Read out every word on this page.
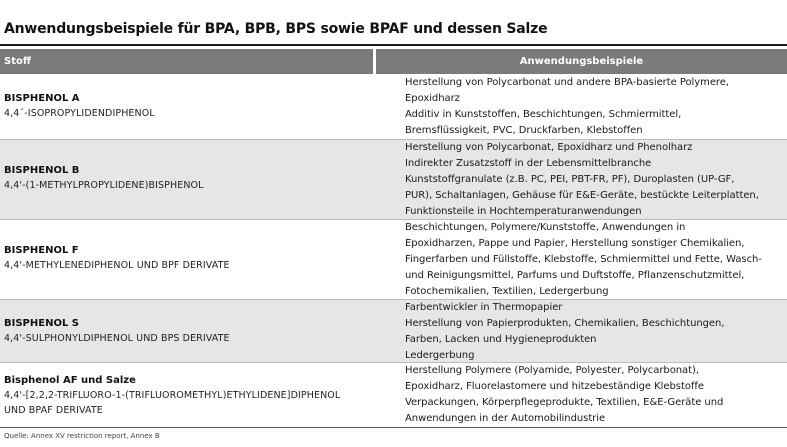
Anwendungsbeispiele für BPA, BPB, BPS sowie BPAF und dessen Salze
Stoff	Anwendungsbeispiele
BISPHENOL A
4,4´-ISOPROPYLIDENDIPHENOL
Herstellung von Polycarbonat und andere BPA-basierte Polymere,
Epoxidharz
Additiv in Kunststoffen, Beschichtungen, Schmiermittel,
Bremsflüssigkeit, PVC, Druckfarben, Klebstoffen
BISPHENOL B
4,4'-(1-METHYLPROPYLIDENE)BISPHENOL
Herstellung von Polycarbonat, Epoxidharz und Phenolharz
Indirekter Zusatzstoff in der Lebensmittelbranche
Kunststoffgranulate (z.B. PC, PEI, PBT-FR, PF), Duroplasten (UP-GF,
PUR), Schaltanlagen, Gehäuse für E&E-Geräte, bestückte Leiterplatten,
Funktionsteile in Hochtemperaturanwendungen
BISPHENOL F
4,4'-METHYLENEDIPHENOL UND BPF DERIVATE
Beschichtungen, Polymere/Kunststoffe, Anwendungen in
Epoxidharzen, Pappe und Papier, Herstellung sonstiger Chemikalien,
Fingerfarben und Füllstoffe, Klebstoffe, Schmiermittel und Fette, Wasch-
und Reinigungsmittel, Parfums und Duftstoffe, Pflanzenschutzmittel,
Fotochemikalien, Textilien, Ledergerbung
BISPHENOL S
4,4'-SULPHONYLDIPHENOL UND BPS DERIVATE
Farbentwickler in Thermopapier
Herstellung von Papierprodukten, Chemikalien, Beschichtungen,
Farben, Lacken und Hygieneprodukten
Ledergerbung
Bisphenol AF und Salze
4,4'-[2,2,2-TRIFLUORO-1-(TRIFLUOROMETHYL)ETHYLIDENE]DIPHENOL
UND BPAF DERIVATE
Herstellung Polymere (Polyamide, Polyester, Polycarbonat),
Epoxidharz, Fluorelastomere und hitzebeständige Klebstoffe
Verpackungen, Körperpflegeprodukte, Textilien, E&E-Geräte und
Anwendungen in der Automobilindustrie
Quelle: Annex XV restriction report, Annex B
